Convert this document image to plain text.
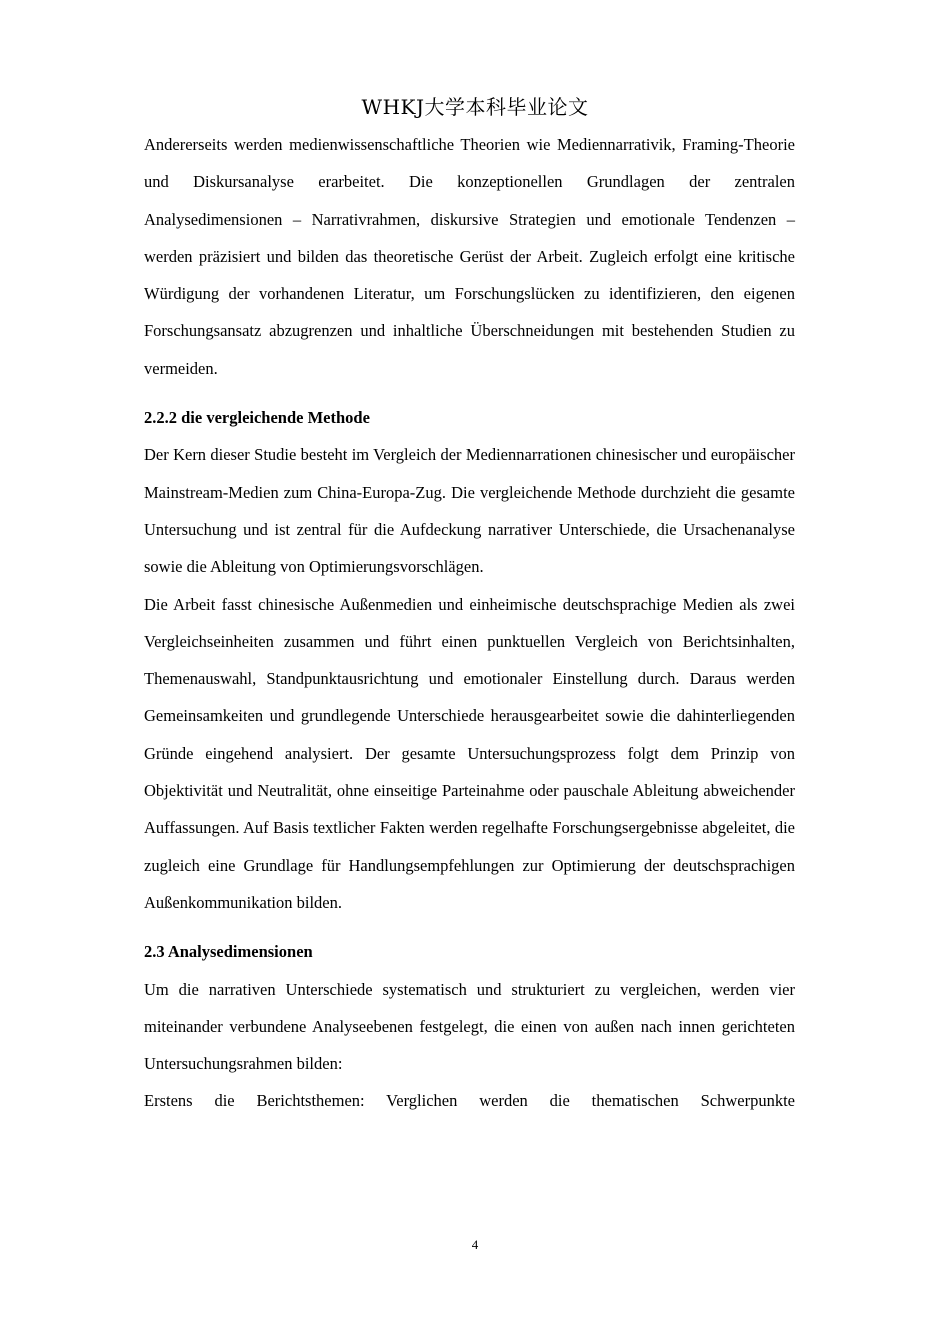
WHKJ大学本科毕业论文

Andererseits werden medienwissenschaftliche Theorien wie Mediennarrativik, Framing-Theorie und Diskursanalyse erarbeitet. Die konzeptionellen Grundlagen der zentralen Analysedimensionen – Narrativrahmen, diskursive Strategien und emotionale Tendenzen – werden präzisiert und bilden das theoretische Gerüst der Arbeit. Zugleich erfolgt eine kritische Würdigung der vorhandenen Literatur, um Forschungslücken zu identifizieren, den eigenen Forschungsansatz abzugrenzen und inhaltliche Überschneidungen mit bestehenden Studien zu vermeiden.

2.2.2 die vergleichende Methode

Der Kern dieser Studie besteht im Vergleich der Mediennarrationen chinesischer und europäischer Mainstream-Medien zum China-Europa-Zug. Die vergleichende Methode durchzieht die gesamte Untersuchung und ist zentral für die Aufdeckung narrativer Unterschiede, die Ursachenanalyse sowie die Ableitung von Optimierungsvorschlägen.

Die Arbeit fasst chinesische Außenmedien und einheimische deutschsprachige Medien als zwei Vergleichseinheiten zusammen und führt einen punktuellen Vergleich von Berichtsinhalten, Themenauswahl, Standpunktausrichtung und emotionaler Einstellung durch. Daraus werden Gemeinsamkeiten und grundlegende Unterschiede herausgearbeitet sowie die dahinterliegenden Gründe eingehend analysiert. Der gesamte Untersuchungsprozess folgt dem Prinzip von Objektivität und Neutralität, ohne einseitige Parteinahme oder pauschale Ableitung abweichender Auffassungen. Auf Basis textlicher Fakten werden regelhafte Forschungsergebnisse abgeleitet, die zugleich eine Grundlage für Handlungsempfehlungen zur Optimierung der deutschsprachigen Außenkommunikation bilden.

2.3 Analysedimensionen

Um die narrativen Unterschiede systematisch und strukturiert zu vergleichen, werden vier miteinander verbundene Analyseebenen festgelegt, die einen von außen nach innen gerichteten Untersuchungsrahmen bilden:

Erstens die Berichtsthemen: Verglichen werden die thematischen Schwerpunkte

4
